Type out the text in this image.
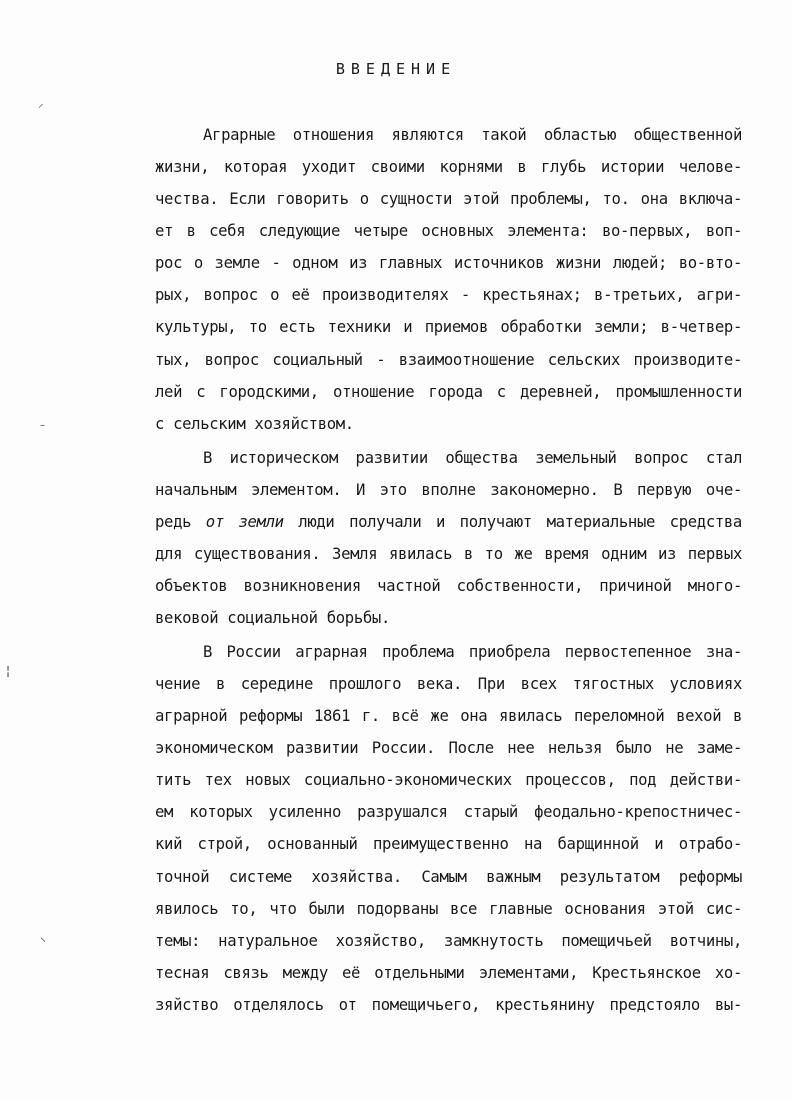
ВВЕДЕНИЕ
Аграрные отношения являются такой областью общественной
жизни, которая уходит своими корнями в глубь истории челове-
чества. Если говорить о сущности этой проблемы, то. она включа-
ет в себя следующие четыре основных элемента: во-первых, воп-
рос о земле - одном из главных источников жизни людей; во-вто-
рых, вопрос о её производителях - крестьянах; в-третьих, агри-
культуры, то есть техники и приемов обработки земли; в-четвер-
тых, вопрос социальный - взаимоотношение сельских производите-
лей с городскими, отношение города с деревней, промышленности
с сельским хозяйством.
В историческом развитии общества земельный вопрос стал
начальным элементом. И это вполне закономерно. В первую оче-
редь от земли люди получали и получают материальные средства
для существования. Земля явилась в то же время одним из первых
объектов возникновения частной собственности, причиной много-
вековой социальной борьбы.
В России аграрная проблема приобрела первостепенное зна-
чение в середине прошлого века. При всех тягостных условиях
аграрной реформы 1861 г. всё же она явилась переломной вехой в
экономическом развитии России. После нее нельзя было не заме-
тить тех новых социально-экономических процессов, под действи-
ем которых усиленно разрушался старый феодально-крепостничес-
кий строй, основанный преимущественно на барщинной и отрабо-
точной системе хозяйства. Самым важным результатом реформы
явилось то, что были подорваны все главные основания этой сис-
темы: натуральное хозяйство, замкнутость помещичьей вотчины,
тесная связь между её отдельными элементами, Крестьянское хо-
зяйство отделялось от помещичьего, крестьянину предстояло вы-
⸝
–
¦
⸜
